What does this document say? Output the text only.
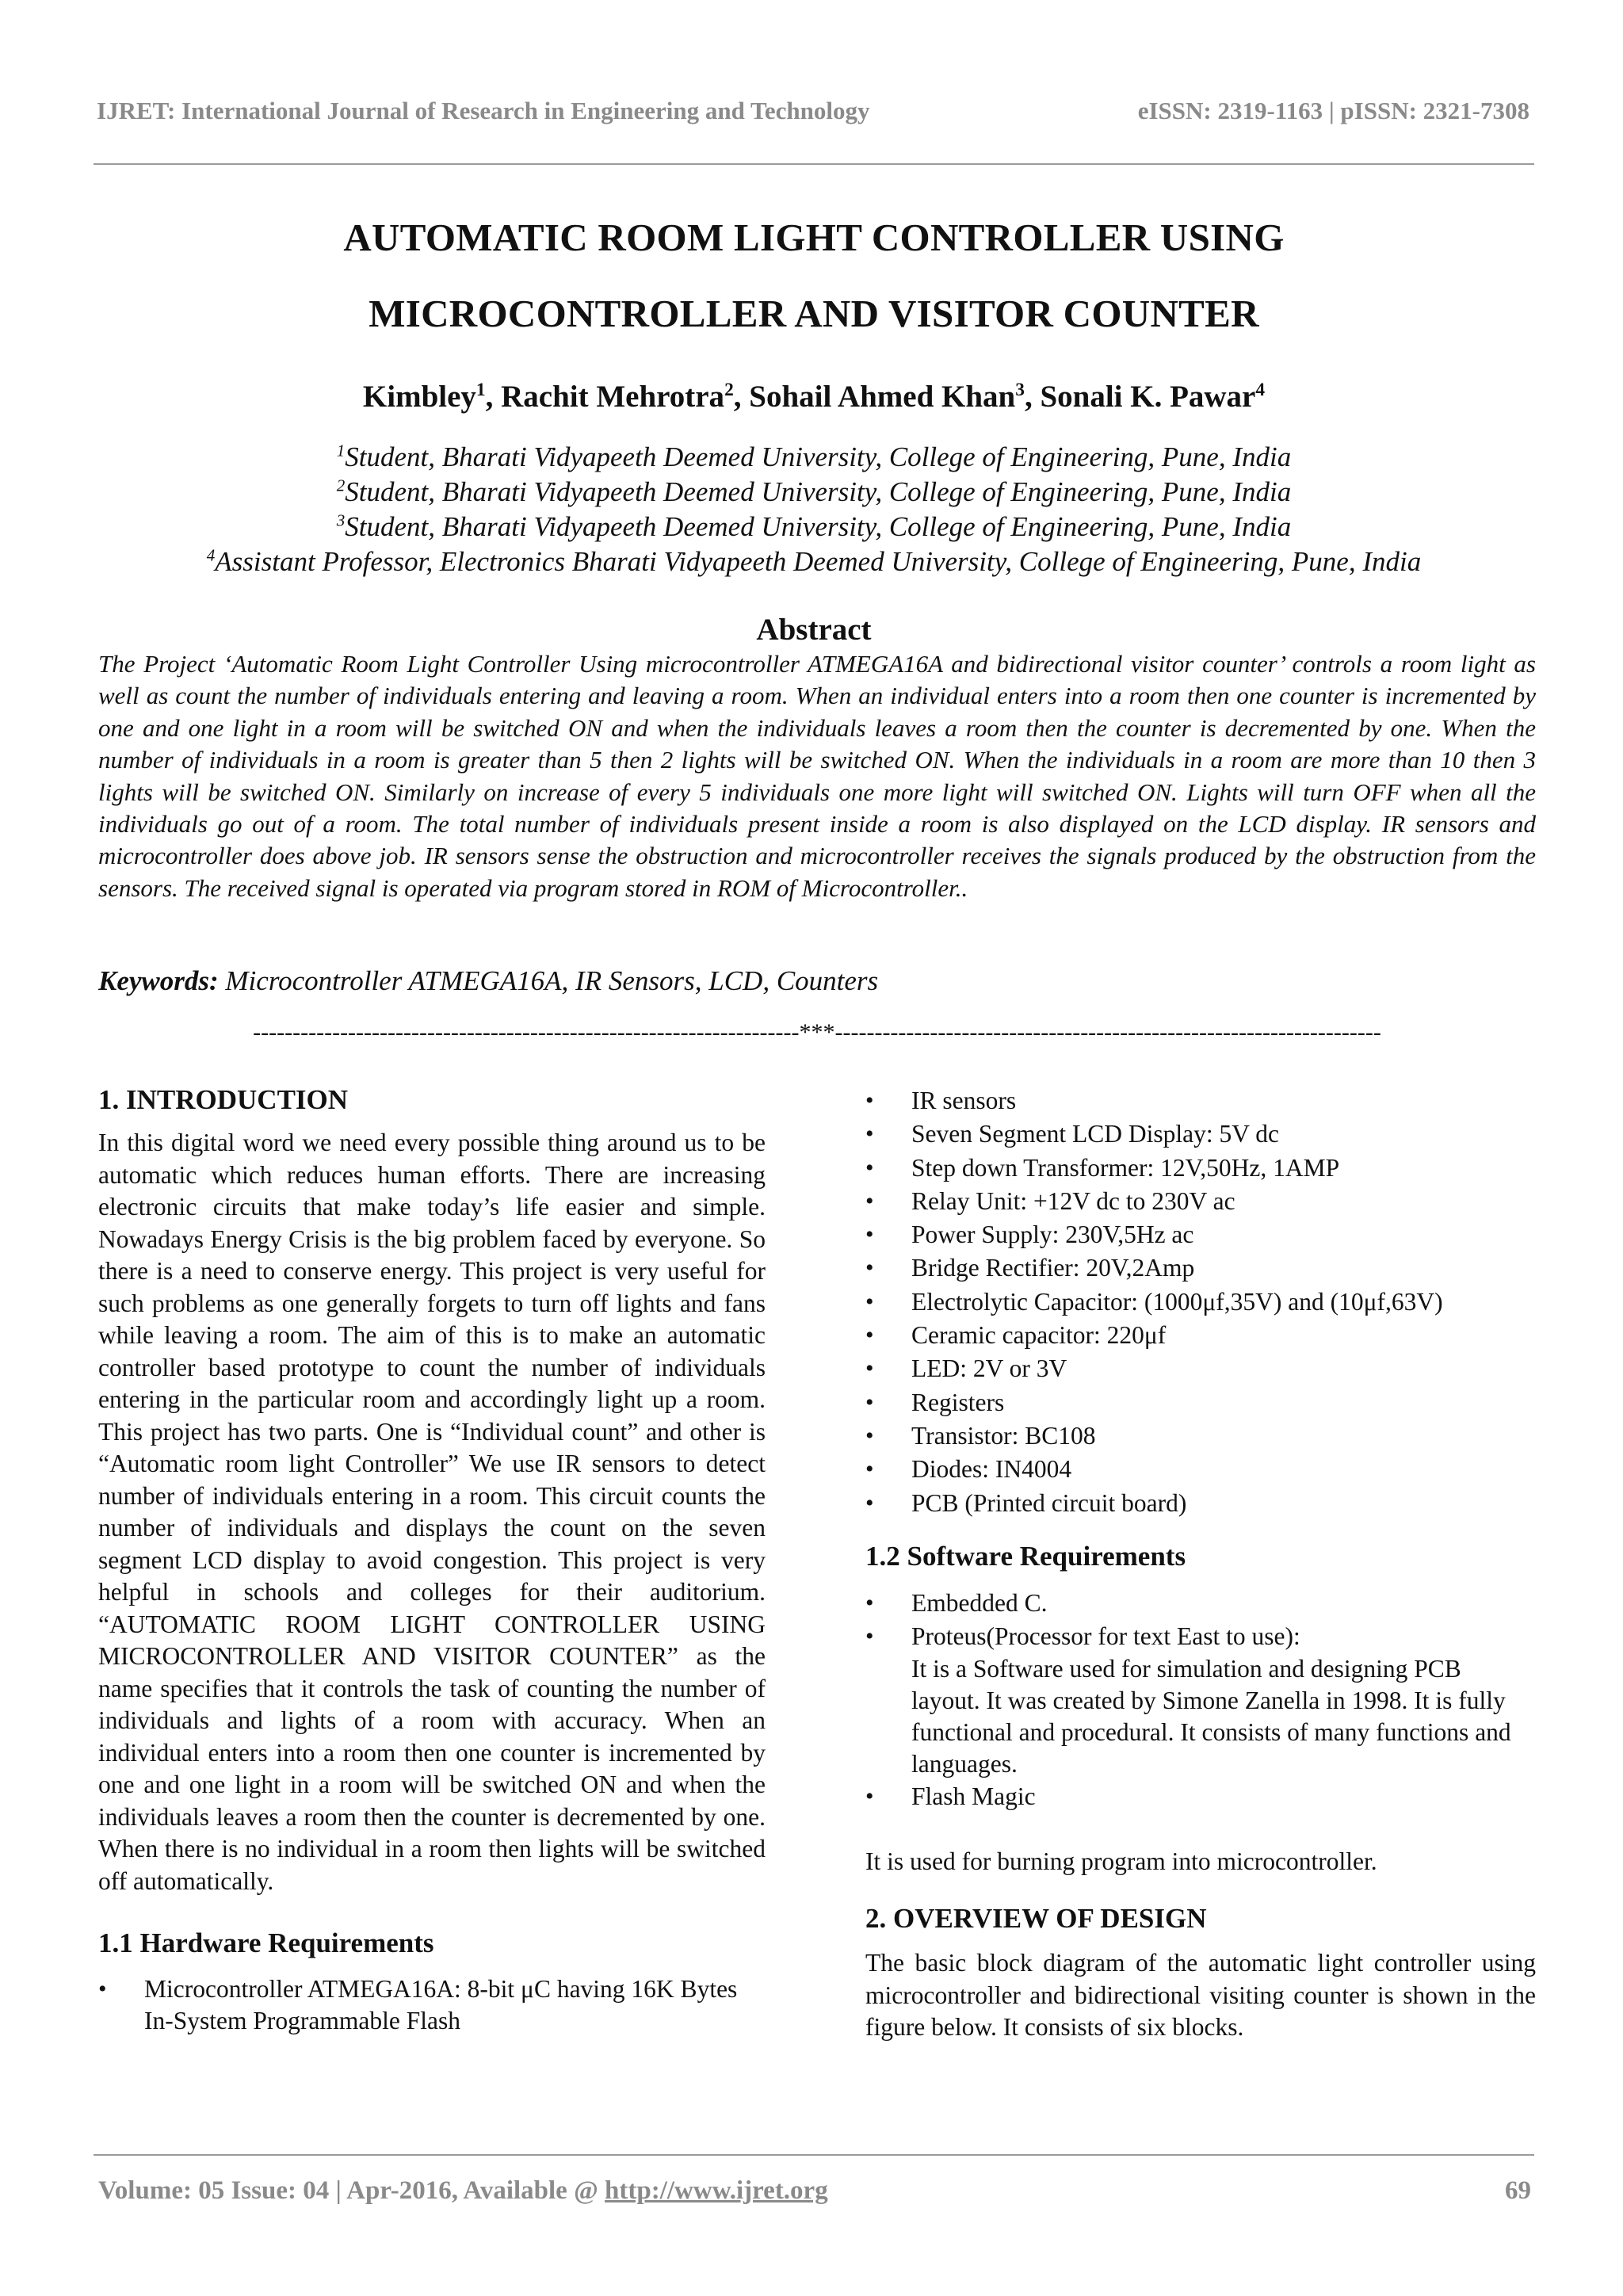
IJRET: International Journal of Research in Engineering and Technology	eISSN: 2319-1163 | pISSN: 2321-7308
AUTOMATIC ROOM LIGHT CONTROLLER USING
MICROCONTROLLER AND VISITOR COUNTER
Kimbley$^1$, Rachit Mehrotra$^2$, Sohail Ahmed Khan$^3$, Sonali K. Pawar$^4$
$^1$Student, Bharati Vidyapeeth Deemed University, College of Engineering, Pune, India
$^2$Student, Bharati Vidyapeeth Deemed University, College of Engineering, Pune, India
$^3$Student, Bharati Vidyapeeth Deemed University, College of Engineering, Pune, India
$^4$Assistant Professor, Electronics Bharati Vidyapeeth Deemed University, College of Engineering, Pune, India
Abstract
The Project ‘Automatic Room Light Controller Using microcontroller ATMEGA16A and bidirectional visitor counter’ controls a room light as well as count the number of individuals entering and leaving a room. When an individual enters into a room then one counter is incremented by one and one light in a room will be switched ON and when the individuals leaves a room then the counter is decremented by one. When the number of individuals in a room is greater than 5 then 2 lights will be switched ON. When the individuals in a room are more than 10 then 3 lights will be switched ON. Similarly on increase of every 5 individuals one more light will switched ON. Lights will turn OFF when all the individuals go out of a room. The total number of individuals present inside a room is also displayed on the LCD display. IR sensors and microcontroller does above job. IR sensors sense the obstruction and microcontroller receives the signals produced by the obstruction from the sensors. The received signal is operated via program stored in ROM of Microcontroller..
Keywords: Microcontroller ATMEGA16A, IR Sensors, LCD, Counters
---------------------------------------------------------------------***---------------------------------------------------------------------
1. INTRODUCTION

In this digital word we need every possible thing around us to be automatic which reduces human efforts. There are increasing electronic circuits that make today’s life easier and simple. Nowadays Energy Crisis is the big problem faced by everyone. So there is a need to conserve energy. This project is very useful for such problems as one generally forgets to turn off lights and fans while leaving a room. The aim of this is to make an automatic controller based prototype to count the number of individuals entering in the particular room and accordingly light up a room. This project has two parts. One is “Individual count” and other is “Automatic room light Controller” We use IR sensors to detect number of individuals entering in a room. This circuit counts the number of individuals and displays the count on the seven segment LCD display to avoid congestion. This project is very helpful in schools and colleges for their auditorium. “AUTOMATIC ROOM LIGHT CONTROLLER USING MICROCONTROLLER AND VISITOR COUNTER” as the name specifies that it controls the task of counting the number of individuals and lights of a room with accuracy. When an individual enters into a room then one counter is incremented by one and one light in a room will be switched ON and when the individuals leaves a room then the counter is decremented by one. When there is no individual in a room then lights will be switched off automatically.

1.1 Hardware Requirements
• Microcontroller ATMEGA16A: 8-bit μC having 16K Bytes In-System Programmable Flash
• IR sensors
• Seven Segment LCD Display: 5V dc
• Step down Transformer: 12V,50Hz, 1AMP
• Relay Unit: +12V dc to 230V ac
• Power Supply: 230V,5Hz ac
• Bridge Rectifier: 20V,2Amp
• Electrolytic Capacitor: (1000μf,35V) and (10μf,63V)
• Ceramic capacitor: 220μf
• LED: 2V or 3V
• Registers
• Transistor: BC108
• Diodes: IN4004
• PCB (Printed circuit board)
1.2 Software Requirements
• Embedded C.
• Proteus(Processor for text East to use):
It is a Software used for simulation and designing PCB layout. It was created by Simone Zanella in 1998. It is fully functional and procedural. It consists of many functions and languages.
• Flash Magic

It is used for burning program into microcontroller.

2. OVERVIEW OF DESIGN

The basic block diagram of the automatic light controller using microcontroller and bidirectional visiting counter is shown in the figure below. It consists of six blocks.

Volume: 05 Issue: 04 | Apr-2016, Available @ http://www.ijret.org	69
